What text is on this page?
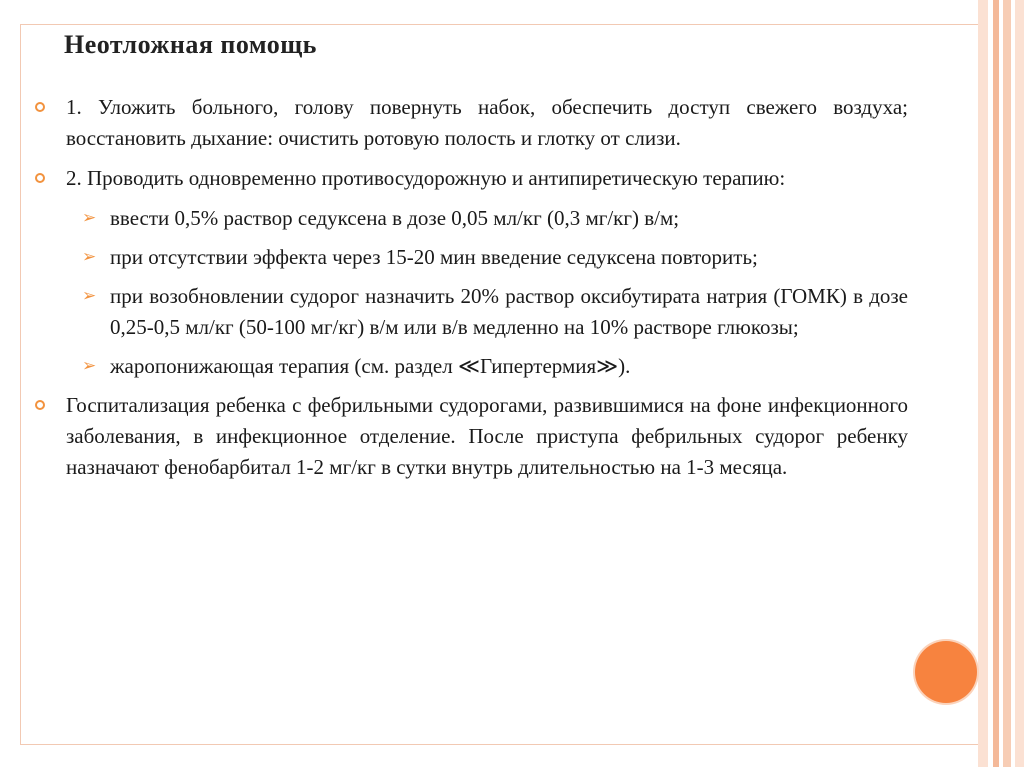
Неотложная помощь
1. Уложить больного, голову повернуть набок, обеспечить доступ свежего воздуха; восстановить дыхание: очистить ротовую полость и глотку от слизи.
2. Проводить одновременно противосудорожную и антипиретическую терапию:
➢ ввести 0,5% раствор седуксена в дозе 0,05 мл/кг (0,3 мг/кг) в/м;
➢ при отсутствии эффекта через 15-20 мин введение седуксена повторить;
➢ при возобновлении судорог назначить 20% раствор оксибутирата натрия (ГОМК) в дозе 0,25-0,5 мл/кг (50-100 мг/кг) в/м или в/в медленно на 10% растворе глюкозы;
➢ жаропонижающая терапия (см. раздел ≪Гипертермия≫).
Госпитализация ребенка с фебрильными судорогами, развившимися на фоне инфекционного заболевания, в инфекционное отделение. После приступа фебрильных судорог ребенку назначают фенобарбитал 1-2 мг/кг в сутки внутрь длительностью на 1-3 месяца.
